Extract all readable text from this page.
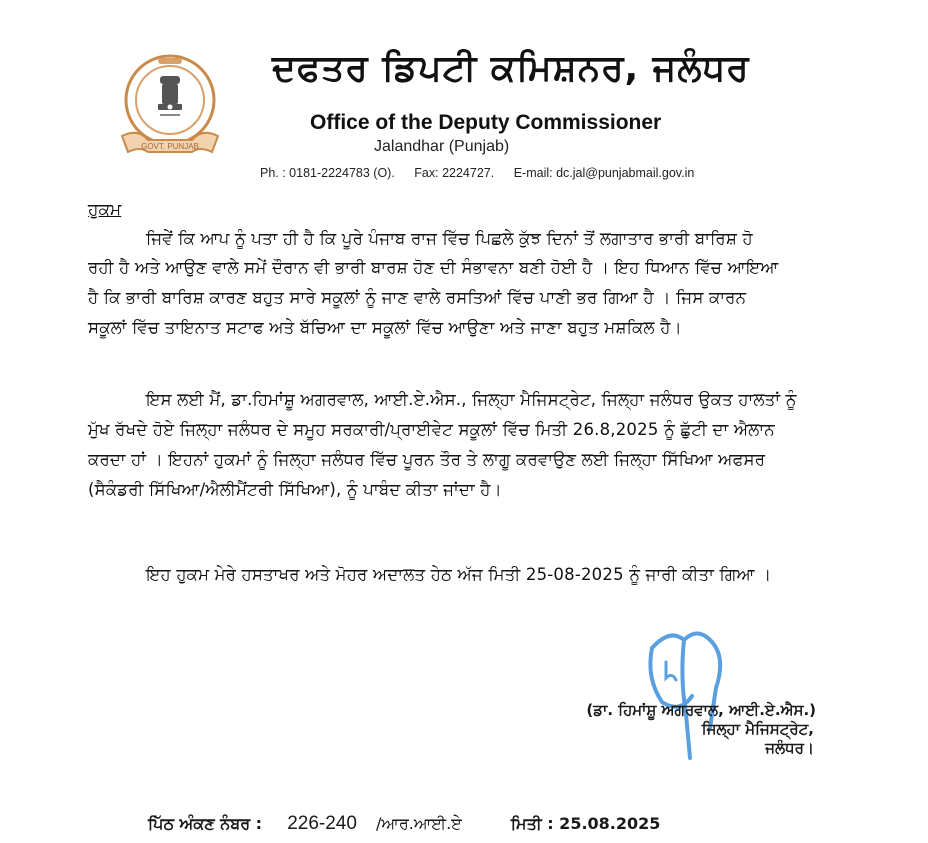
GOVT. PUNJAB
ਦਫਤਰ ਡਿਪਟੀ ਕਮਿਸ਼ਨਰ, ਜਲੰਧਰ
Office of the Deputy Commissioner
Jalandhar (Punjab)
Ph. : 0181-2224783 (O). Fax: 2224727. E-mail: dc.jal@punjabmail.gov.in
ਹੁਕਮ
ਜਿਵੇਂ ਕਿ ਆਪ ਨੂੰ ਪਤਾ ਹੀ ਹੈ ਕਿ ਪੂਰੇ ਪੰਜਾਬ ਰਾਜ ਵਿੱਚ ਪਿਛਲੇ ਕੁੱਝ ਦਿਨਾਂ ਤੋਂ ਲਗਾਤਾਰ ਭਾਰੀ ਬਾਰਿਸ਼ ਹੋ
ਰਹੀ ਹੈ ਅਤੇ ਆਉਣ ਵਾਲੇ ਸਮੇਂ ਦੌਰਾਨ ਵੀ ਭਾਰੀ ਬਾਰਸ਼ ਹੋਣ ਦੀ ਸੰਭਾਵਨਾ ਬਣੀ ਹੋਈ ਹੈ । ਇਹ ਧਿਆਨ ਵਿੱਚ ਆਇਆ
ਹੈ ਕਿ ਭਾਰੀ ਬਾਰਿਸ਼ ਕਾਰਣ ਬਹੁਤ ਸਾਰੇ ਸਕੂਲਾਂ ਨੂੰ ਜਾਣ ਵਾਲੇ ਰਸਤਿਆਂ ਵਿੱਚ ਪਾਣੀ ਭਰ ਗਿਆ ਹੈ । ਜਿਸ ਕਾਰਨ
ਸਕੂਲਾਂ ਵਿੱਚ ਤਾਇਨਾਤ ਸਟਾਫ ਅਤੇ ਬੱਚਿਆ ਦਾ ਸਕੂਲਾਂ ਵਿੱਚ ਆਉਣਾ ਅਤੇ ਜਾਣਾ ਬਹੁਤ ਮਸ਼ਕਿਲ ਹੈ।
ਇਸ ਲਈ ਮੈਂ, ਡਾ.ਹਿਮਾਂਸ਼ੂ ਅਗਰਵਾਲ, ਆਈ.ਏ.ਐਸ., ਜਿਲ੍ਹਾ ਮੈਜਿਸਟ੍ਰੇਟ, ਜਿਲ੍ਹਾ ਜਲੰਧਰ ਉਕਤ ਹਾਲਤਾਂ ਨੂੰ
ਮੁੱਖ ਰੱਖਦੇ ਹੋਏ ਜਿਲ੍ਹਾ ਜਲੰਧਰ ਦੇ ਸਮੂਹ ਸਰਕਾਰੀ/ਪ੍ਰਾਈਵੇਟ ਸਕੂਲਾਂ ਵਿੱਚ ਮਿਤੀ 26.8,2025 ਨੂੰ ਛੁੱਟੀ ਦਾ ਐਲਾਨ
ਕਰਦਾ ਹਾਂ । ਇਹਨਾਂ ਹੁਕਮਾਂ ਨੂੰ ਜਿਲ੍ਹਾ ਜਲੰਧਰ ਵਿੱਚ ਪੂਰਨ ਤੌਰ ਤੇ ਲਾਗੂ ਕਰਵਾਉਣ ਲਈ ਜਿਲ੍ਹਾ ਸਿੱਖਿਆ ਅਫਸਰ
(ਸੈਕੰਡਰੀ ਸਿੱਖਿਆ/ਐਲੀਮੈਂਟਰੀ ਸਿੱਖਿਆ), ਨੂੰ ਪਾਬੰਦ ਕੀਤਾ ਜਾਂਦਾ ਹੈ।
ਇਹ ਹੁਕਮ ਮੇਰੇ ਹਸਤਾਖਰ ਅਤੇ ਮੋਹਰ ਅਦਾਲਤ ਹੇਠ ਅੱਜ ਮਿਤੀ 25-08-2025 ਨੂੰ ਜਾਰੀ ਕੀਤਾ ਗਿਆ ।
(ਡਾ. ਹਿਮਾਂਸ਼ੂ ਅਗਰਵਾਲ, ਆਈ.ਏ.ਐਸ.)
ਜਿਲ੍ਹਾ ਮੈਜਿਸਟ੍ਰੇਟ,
ਜਲੰਧਰ।
ਪਿੱਠ ਅੰਕਣ ਨੰਬਰ : 226-240 /ਆਰ.ਆਈ.ਏ	ਮਿਤੀ : 25.08.2025
